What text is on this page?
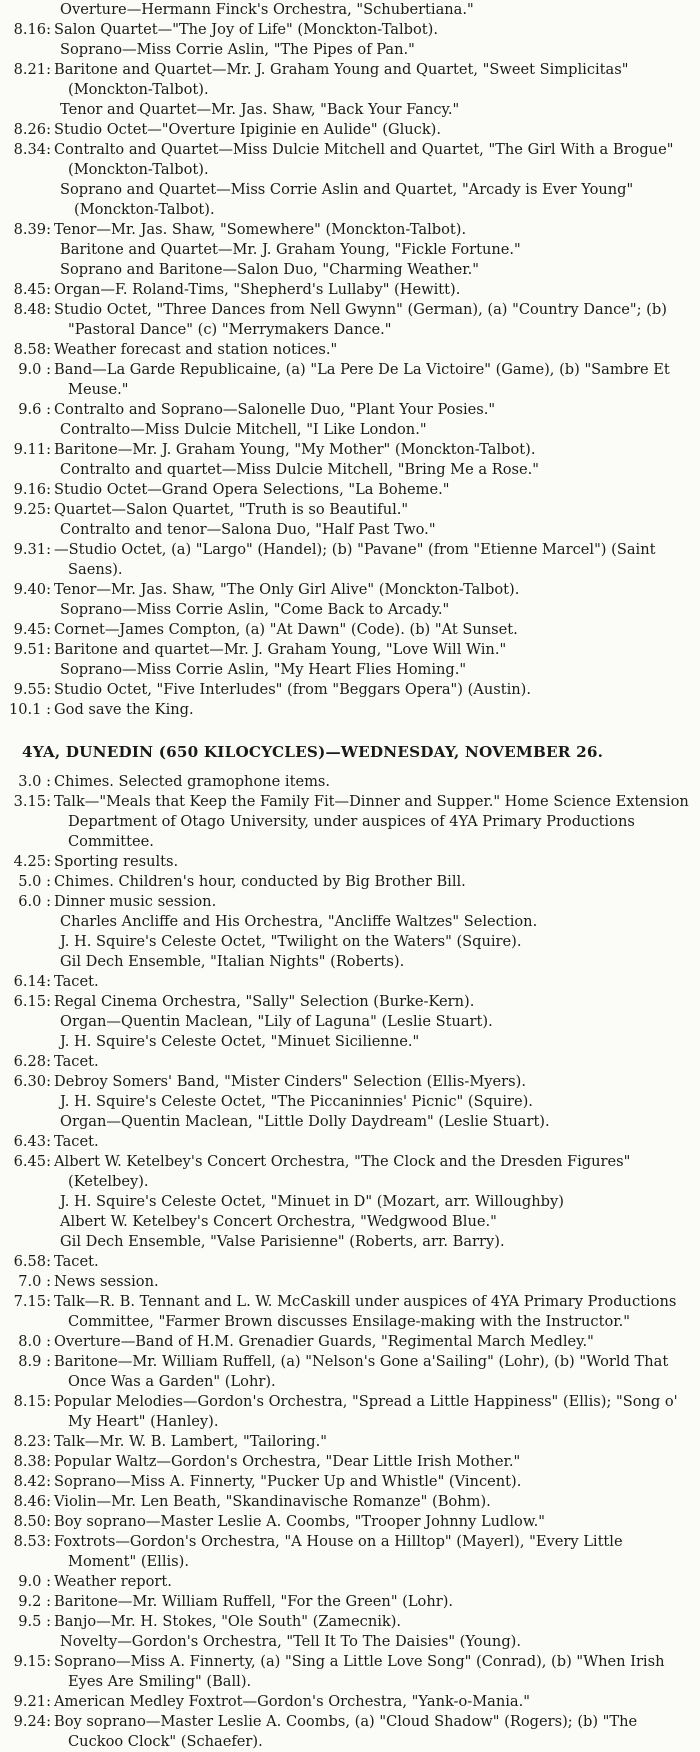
Overture—Hermann Finck's Orchestra, "Schubertiana."
8.16: Salon Quartet—"The Joy of Life" (Monckton-Talbot).
Soprano—Miss Corrie Aslin, "The Pipes of Pan."
8.21: Baritone and Quartet—Mr. J. Graham Young and Quartet, "Sweet Simplicitas" (Monckton-Talbot).
Tenor and Quartet—Mr. Jas. Shaw, "Back Your Fancy."
8.26: Studio Octet—"Overture Ipiginie en Aulide" (Gluck).
8.34: Contralto and Quartet—Miss Dulcie Mitchell and Quartet, "The Girl With a Brogue" (Monckton-Talbot).
Soprano and Quartet—Miss Corrie Aslin and Quartet, "Arcady is Ever Young" (Monckton-Talbot).
8.39: Tenor—Mr. Jas. Shaw, "Somewhere" (Monckton-Talbot).
Baritone and Quartet—Mr. J. Graham Young, "Fickle Fortune."
Soprano and Baritone—Salon Duo, "Charming Weather."
8.45: Organ—F. Roland-Tims, "Shepherd's Lullaby" (Hewitt).
8.48: Studio Octet, "Three Dances from Nell Gwynn" (German), (a) "Country Dance"; (b) "Pastoral Dance" (c) "Merrymakers Dance."
8.58: Weather forecast and station notices."
9.0 : Band—La Garde Republicaine, (a) "La Pere De La Victoire" (Game), (b) "Sambre Et Meuse."
9.6 : Contralto and Soprano—Salonelle Duo, "Plant Your Posies."
Contralto—Miss Dulcie Mitchell, "I Like London."
9.11: Baritone—Mr. J. Graham Young, "My Mother" (Monckton-Talbot).
Contralto and quartet—Miss Dulcie Mitchell, "Bring Me a Rose."
9.16: Studio Octet—Grand Opera Selections, "La Boheme."
9.25: Quartet—Salon Quartet, "Truth is so Beautiful."
Contralto and tenor—Salona Duo, "Half Past Two."
9.31: —Studio Octet, (a) "Largo" (Handel); (b) "Pavane" (from "Etienne Marcel") (Saint Saens).
9.40: Tenor—Mr. Jas. Shaw, "The Only Girl Alive" (Monckton-Talbot).
Soprano—Miss Corrie Aslin, "Come Back to Arcady."
9.45: Cornet—James Compton, (a) "At Dawn" (Code). (b) "At Sunset.
9.51: Baritone and quartet—Mr. J. Graham Young, "Love Will Win."
Soprano—Miss Corrie Aslin, "My Heart Flies Homing."
9.55: Studio Octet, "Five Interludes" (from "Beggars Opera") (Austin).
10.1 : God save the King.
4YA, DUNEDIN (650 KILOCYCLES)—WEDNESDAY, NOVEMBER 26.
3.0 : Chimes. Selected gramophone items.
3.15: Talk—"Meals that Keep the Family Fit—Dinner and Supper." Home Science Extension Department of Otago University, under auspices of 4YA Primary Productions Committee.
4.25: Sporting results.
5.0 : Chimes. Children's hour, conducted by Big Brother Bill.
6.0 : Dinner music session.
Charles Ancliffe and His Orchestra, "Ancliffe Waltzes" Selection.
J. H. Squire's Celeste Octet, "Twilight on the Waters" (Squire).
Gil Dech Ensemble, "Italian Nights" (Roberts).
6.14: Tacet.
6.15: Regal Cinema Orchestra, "Sally" Selection (Burke-Kern).
Organ—Quentin Maclean, "Lily of Laguna" (Leslie Stuart).
J. H. Squire's Celeste Octet, "Minuet Sicilienne."
6.28: Tacet.
6.30: Debroy Somers' Band, "Mister Cinders" Selection (Ellis-Myers).
J. H. Squire's Celeste Octet, "The Piccaninnies' Picnic" (Squire).
Organ—Quentin Maclean, "Little Dolly Daydream" (Leslie Stuart).
6.43: Tacet.
6.45: Albert W. Ketelbey's Concert Orchestra, "The Clock and the Dresden Figures" (Ketelbey).
J. H. Squire's Celeste Octet, "Minuet in D" (Mozart, arr. Willoughby)
Albert W. Ketelbey's Concert Orchestra, "Wedgwood Blue."
Gil Dech Ensemble, "Valse Parisienne" (Roberts, arr. Barry).
6.58: Tacet.
7.0 : News session.
7.15: Talk—R. B. Tennant and L. W. McCaskill under auspices of 4YA Primary Productions Committee, "Farmer Brown discusses Ensilage-making with the Instructor."
8.0 : Overture—Band of H.M. Grenadier Guards, "Regimental March Medley."
8.9 : Baritone—Mr. William Ruffell, (a) "Nelson's Gone a'Sailing" (Lohr), (b) "World That Once Was a Garden" (Lohr).
8.15: Popular Melodies—Gordon's Orchestra, "Spread a Little Happiness" (Ellis); "Song o' My Heart" (Hanley).
8.23: Talk—Mr. W. B. Lambert, "Tailoring."
8.38: Popular Waltz—Gordon's Orchestra, "Dear Little Irish Mother."
8.42: Soprano—Miss A. Finnerty, "Pucker Up and Whistle" (Vincent).
8.46: Violin—Mr. Len Beath, "Skandinavische Romanze" (Bohm).
8.50: Boy soprano—Master Leslie A. Coombs, "Trooper Johnny Ludlow."
8.53: Foxtrots—Gordon's Orchestra, "A House on a Hilltop" (Mayerl), "Every Little Moment" (Ellis).
9.0 : Weather report.
9.2 : Baritone—Mr. William Ruffell, "For the Green" (Lohr).
9.5 : Banjo—Mr. H. Stokes, "Ole South" (Zamecnik).
Novelty—Gordon's Orchestra, "Tell It To The Daisies" (Young).
9.15: Soprano—Miss A. Finnerty, (a) "Sing a Little Love Song" (Conrad), (b) "When Irish Eyes Are Smiling" (Ball).
9.21: American Medley Foxtrot—Gordon's Orchestra, "Yank-o-Mania."
9.24: Boy soprano—Master Leslie A. Coombs, (a) "Cloud Shadow" (Rogers); (b) "The Cuckoo Clock" (Schaefer).
